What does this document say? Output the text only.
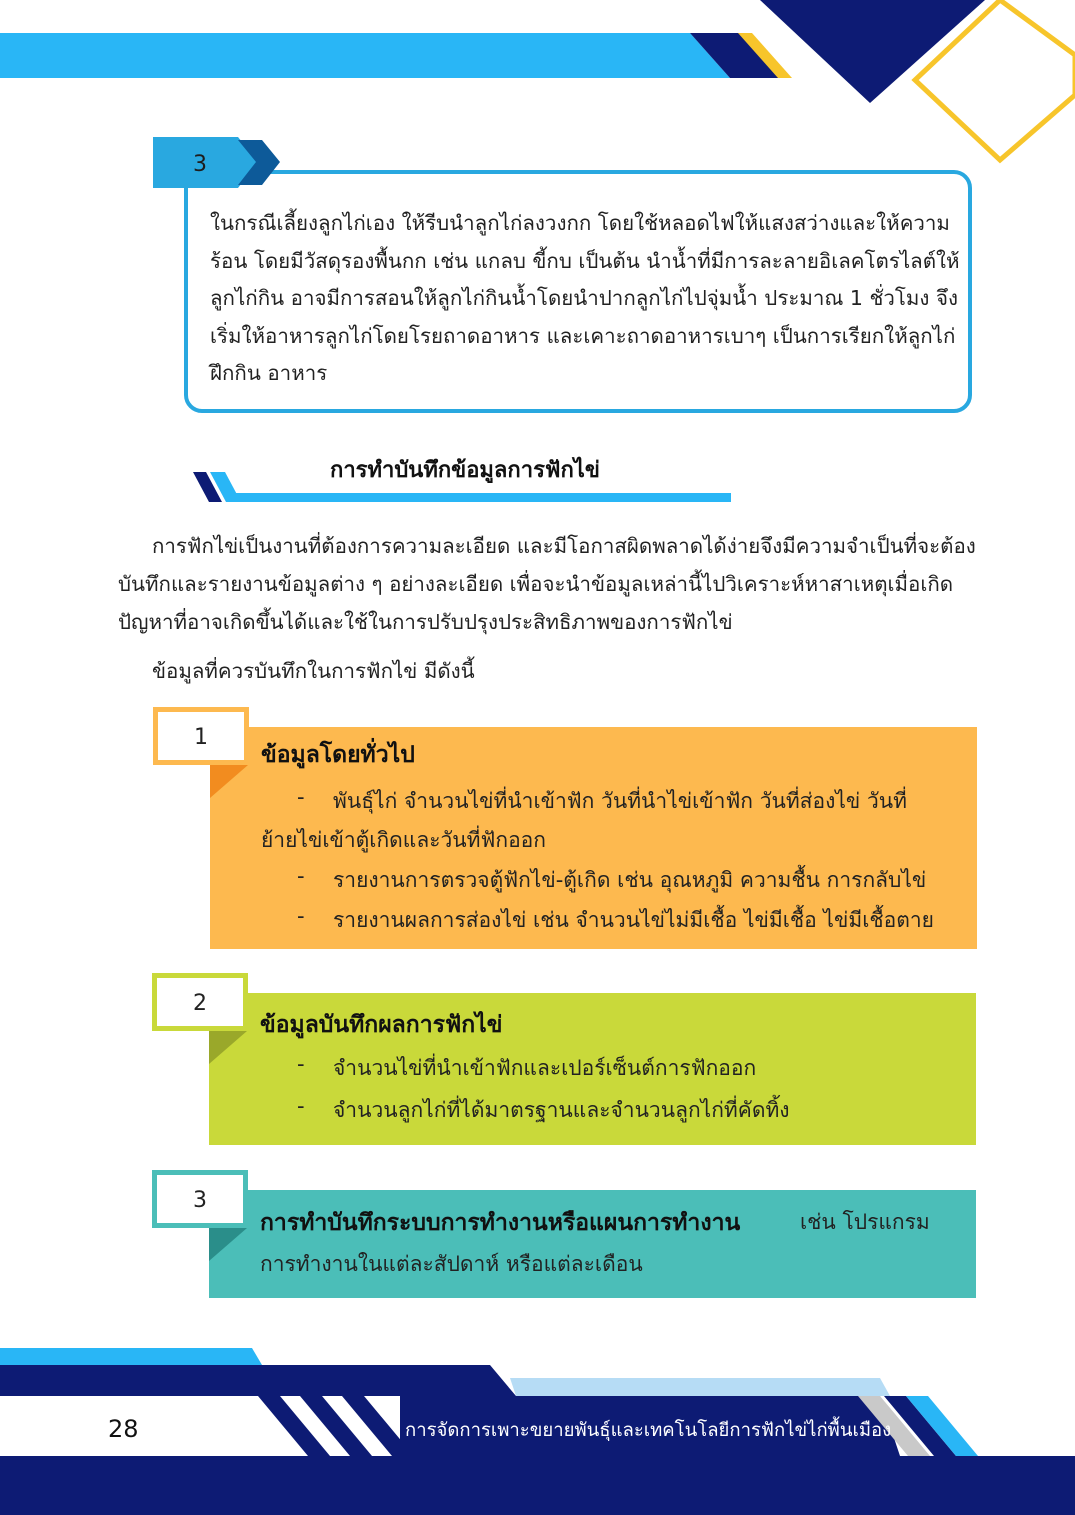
3
ในกรณีเลี้ยงลูกไก่เอง ให้รีบนำลูกไก่ลงวงกก โดยใช้หลอดไฟให้แสงสว่างและให้ความร้อน โดยมีวัสดุรองพื้นกก เช่น แกลบ ขี้กบ เป็นต้น นำน้ำที่มีการละลายอิเลคโตรไลต์ให้ลูกไก่กิน อาจมีการสอนให้ลูกไก่กินน้ำโดยนำปากลูกไก่ไปจุ่มน้ำ ประมาณ 1 ชั่วโมง จึงเริ่มให้อาหารลูกไก่โดยโรยถาดอาหาร และเคาะถาดอาหารเบาๆ เป็นการเรียกให้ลูกไก่ฝึกกิน อาหาร
การทำบันทึกข้อมูลการฟักไข่
การฟักไข่เป็นงานที่ต้องการความละเอียด และมีโอกาสผิดพลาดได้ง่ายจึงมีความจำเป็นที่จะต้องบันทึกและรายงานข้อมูลต่าง ๆ อย่างละเอียด เพื่อจะนำข้อมูลเหล่านี้ไปวิเคราะห์หาสาเหตุเมื่อเกิดปัญหาที่อาจเกิดขึ้นได้และใช้ในการปรับปรุงประสิทธิภาพของการฟักไข่
ข้อมูลที่ควรบันทึกในการฟักไข่ มีดังนี้
1
ข้อมูลโดยทั่วไป
- พันธุ์ไก่ จำนวนไข่ที่นำเข้าฟัก วันที่นำไข่เข้าฟัก วันที่ส่องไข่ วันที่
ย้ายไข่เข้าตู้เกิดและวันที่ฟักออก
- รายงานการตรวจตู้ฟักไข่-ตู้เกิด เช่น อุณหภูมิ ความชื้น การกลับไข่
- รายงานผลการส่องไข่ เช่น จำนวนไข่ไม่มีเชื้อ ไข่มีเชื้อ ไข่มีเชื้อตาย
2
ข้อมูลบันทึกผลการฟักไข่
- จำนวนไข่ที่นำเข้าฟักและเปอร์เซ็นต์การฟักออก
- จำนวนลูกไก่ที่ได้มาตรฐานและจำนวนลูกไก่ที่คัดทิ้ง
3
การทำบันทึกระบบการทำงานหรือแผนการทำงาน	เช่น โปรแกรม
การทำงานในแต่ละสัปดาห์ หรือแต่ละเดือน
28	การจัดการเพาะขยายพันธุ์และเทคโนโลยีการฟักไข่ไก่พื้นเมือง
